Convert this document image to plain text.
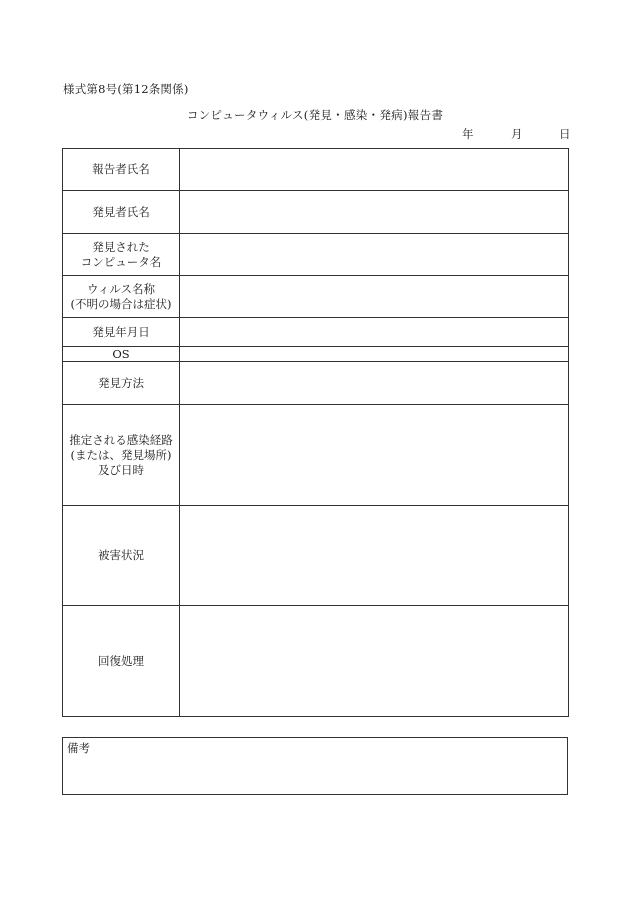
様式第8号(第12条関係)
コンピュータウィルス(発見・感染・発病)報告書
年	月	日
報告者氏名	

発見者氏名	

発見された
コンピュータ名	

ウィルス名称
(不明の場合は症状)	

発見年月日	

OS	

発見方法	

推定される感染経路
(または、発見場所)
及び日時	

被害状況	

回復処理	

備考
